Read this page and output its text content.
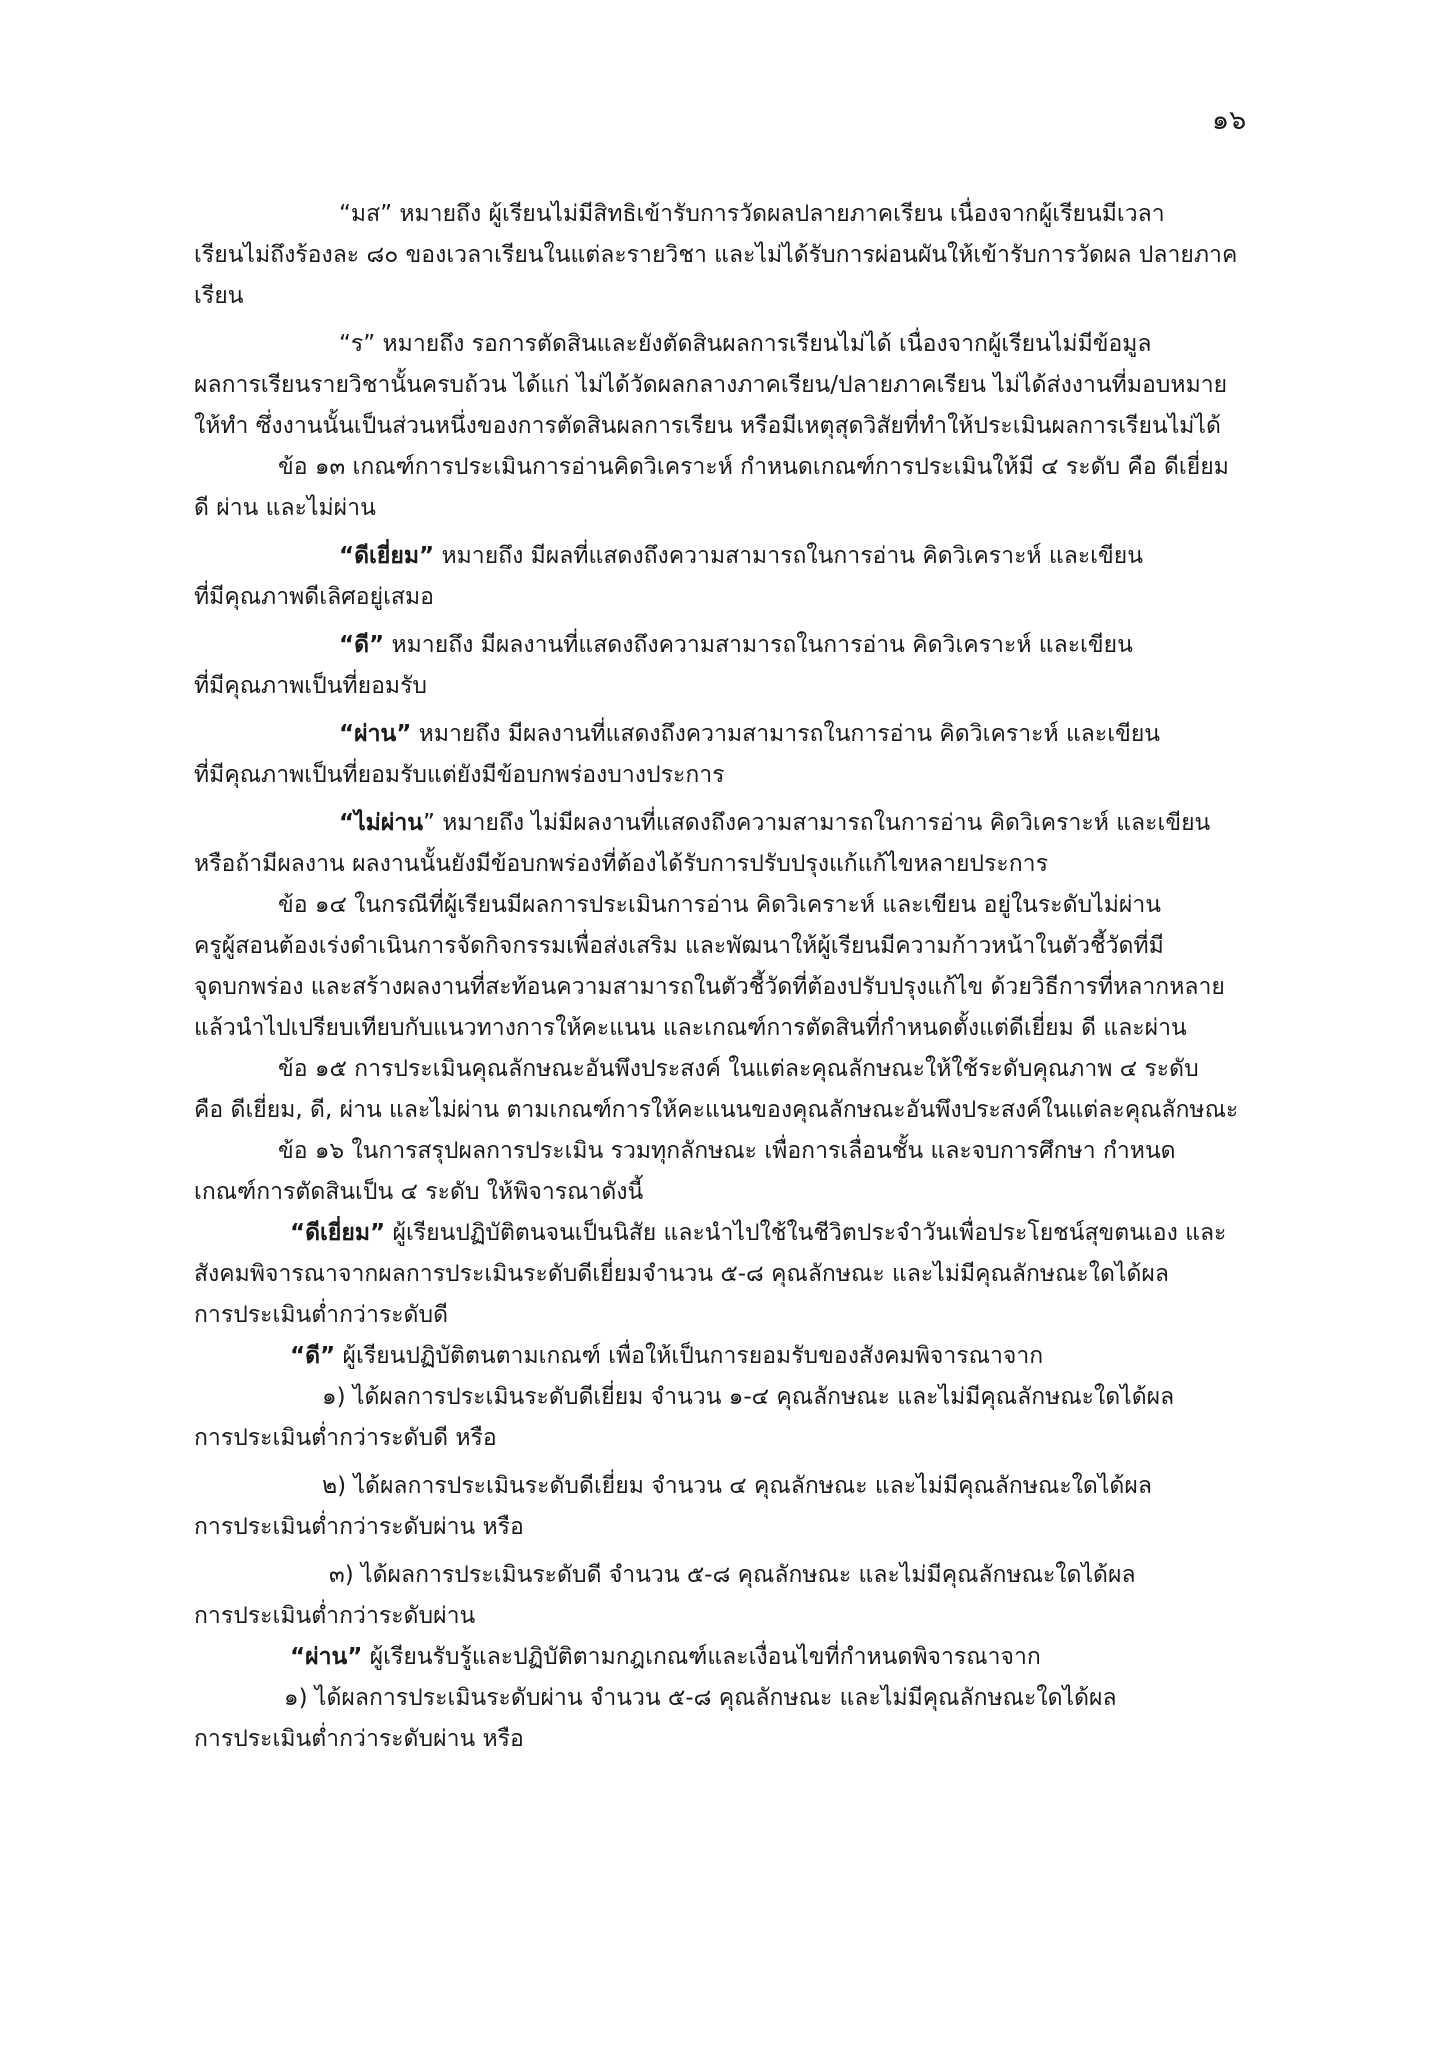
๑๖
“มส” หมายถึง ผู้เรียนไม่มีสิทธิเข้ารับการวัดผลปลายภาคเรียน เนื่องจากผู้เรียนมีเวลา
เรียนไม่ถึงร้องละ ๘๐ ของเวลาเรียนในแต่ละรายวิชา และไม่ได้รับการผ่อนผันให้เข้ารับการวัดผล ปลายภาค
เรียน
“ร” หมายถึง รอการตัดสินและยังตัดสินผลการเรียนไม่ได้ เนื่องจากผู้เรียนไม่มีข้อมูล
ผลการเรียนรายวิชานั้นครบถ้วน ได้แก่ ไม่ได้วัดผลกลางภาคเรียน/ปลายภาคเรียน ไม่ได้ส่งงานที่มอบหมาย
ให้ทำ ซึ่งงานนั้นเป็นส่วนหนึ่งของการตัดสินผลการเรียน หรือมีเหตุสุดวิสัยที่ทำให้ประเมินผลการเรียนไม่ได้
ข้อ ๑๓ เกณฑ์การประเมินการอ่านคิดวิเคราะห์ กำหนดเกณฑ์การประเมินให้มี ๔ ระดับ คือ ดีเยี่ยม
ดี ผ่าน และไม่ผ่าน
“ดีเยี่ยม” หมายถึง มีผลที่แสดงถึงความสามารถในการอ่าน คิดวิเคราะห์ และเขียน
ที่มีคุณภาพดีเลิศอยู่เสมอ
“ดี” หมายถึง มีผลงานที่แสดงถึงความสามารถในการอ่าน คิดวิเคราะห์ และเขียน
ที่มีคุณภาพเป็นที่ยอมรับ
“ผ่าน” หมายถึง มีผลงานที่แสดงถึงความสามารถในการอ่าน คิดวิเคราะห์ และเขียน
ที่มีคุณภาพเป็นที่ยอมรับแต่ยังมีข้อบกพร่องบางประการ
“ไม่ผ่าน” หมายถึง ไม่มีผลงานที่แสดงถึงความสามารถในการอ่าน คิดวิเคราะห์ และเขียน
หรือถ้ามีผลงาน ผลงานนั้นยังมีข้อบกพร่องที่ต้องได้รับการปรับปรุงแก้แก้ไขหลายประการ
ข้อ ๑๔ ในกรณีที่ผู้เรียนมีผลการประเมินการอ่าน คิดวิเคราะห์ และเขียน อยู่ในระดับไม่ผ่าน
ครูผู้สอนต้องเร่งดำเนินการจัดกิจกรรมเพื่อส่งเสริม และพัฒนาให้ผู้เรียนมีความก้าวหน้าในตัวชี้วัดที่มี
จุดบกพร่อง และสร้างผลงานที่สะท้อนความสามารถในตัวชี้วัดที่ต้องปรับปรุงแก้ไข ด้วยวิธีการที่หลากหลาย
แล้วนำไปเปรียบเทียบกับแนวทางการให้คะแนน และเกณฑ์การตัดสินที่กำหนดตั้งแต่ดีเยี่ยม ดี และผ่าน
ข้อ ๑๕ การประเมินคุณลักษณะอันพึงประสงค์ ในแต่ละคุณลักษณะให้ใช้ระดับคุณภาพ ๔ ระดับ
คือ ดีเยี่ยม, ดี, ผ่าน และไม่ผ่าน ตามเกณฑ์การให้คะแนนของคุณลักษณะอันพึงประสงค์ในแต่ละคุณลักษณะ
ข้อ ๑๖ ในการสรุปผลการประเมิน รวมทุกลักษณะ เพื่อการเลื่อนชั้น และจบการศึกษา กำหนด
เกณฑ์การตัดสินเป็น ๔ ระดับ ให้พิจารณาดังนี้
“ดีเยี่ยม” ผู้เรียนปฏิบัติตนจนเป็นนิสัย และนำไปใช้ในชีวิตประจำวันเพื่อประโยชน์สุขตนเอง และ
สังคมพิจารณาจากผลการประเมินระดับดีเยี่ยมจำนวน ๕-๘ คุณลักษณะ และไม่มีคุณลักษณะใดได้ผล
การประเมินต่ำกว่าระดับดี
“ดี” ผู้เรียนปฏิบัติตนตามเกณฑ์ เพื่อให้เป็นการยอมรับของสังคมพิจารณาจาก
๑) ได้ผลการประเมินระดับดีเยี่ยม จำนวน ๑-๔ คุณลักษณะ และไม่มีคุณลักษณะใดได้ผล
การประเมินต่ำกว่าระดับดี หรือ
๒) ได้ผลการประเมินระดับดีเยี่ยม จำนวน ๔ คุณลักษณะ และไม่มีคุณลักษณะใดได้ผล
การประเมินต่ำกว่าระดับผ่าน หรือ
๓) ได้ผลการประเมินระดับดี จำนวน ๕-๘ คุณลักษณะ และไม่มีคุณลักษณะใดได้ผล
การประเมินต่ำกว่าระดับผ่าน
“ผ่าน” ผู้เรียนรับรู้และปฏิบัติตามกฎเกณฑ์และเงื่อนไขที่กำหนดพิจารณาจาก
๑) ได้ผลการประเมินระดับผ่าน จำนวน ๕-๘ คุณลักษณะ และไม่มีคุณลักษณะใดได้ผล
การประเมินต่ำกว่าระดับผ่าน หรือ
